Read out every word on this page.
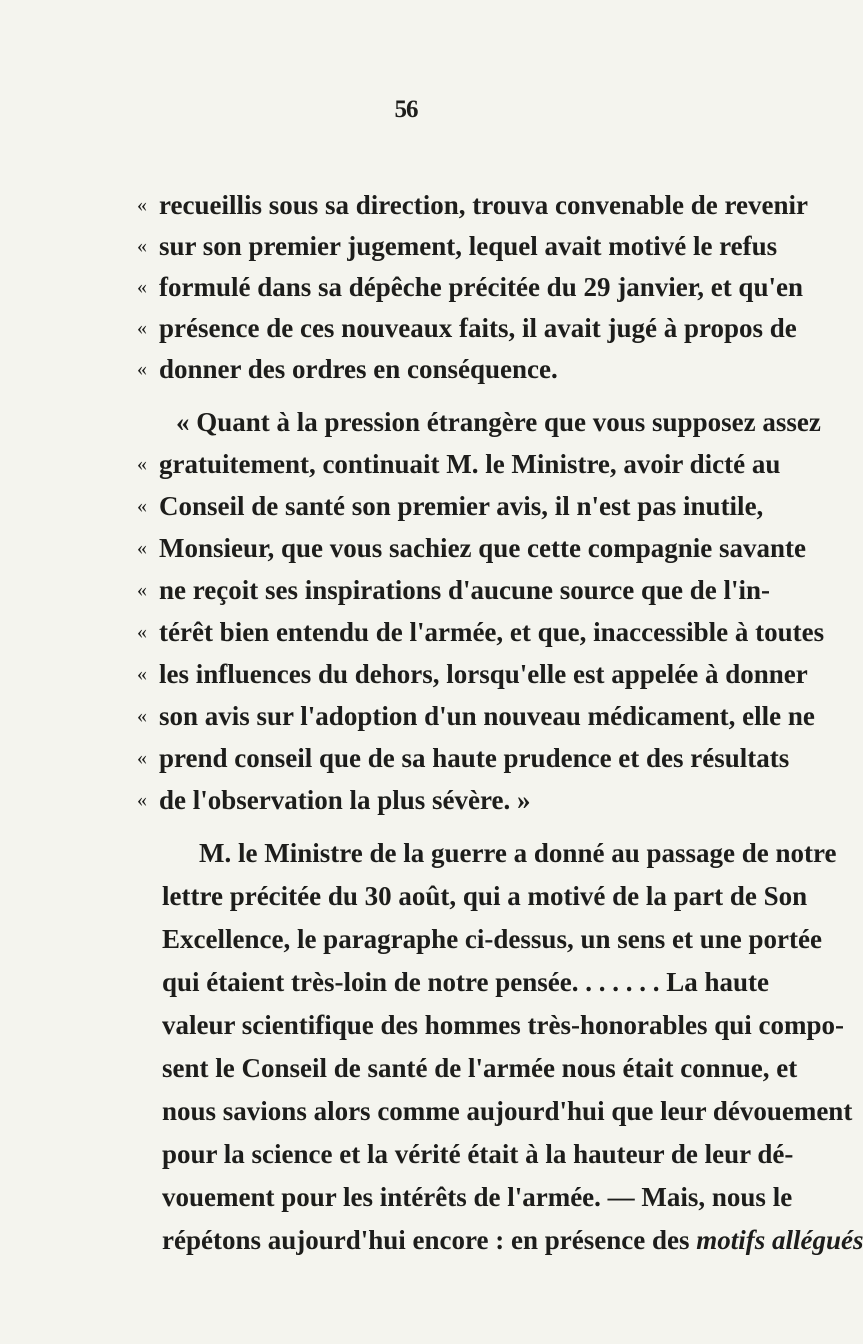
56
« recueillis sous sa direction, trouva convenable de revenir
« sur son premier jugement, lequel avait motivé le refus
« formulé dans sa dépêche précitée du 29 janvier, et qu'en
« présence de ces nouveaux faits, il avait jugé à propos de
« donner des ordres en conséquence.
« Quant à la pression étrangère que vous supposez assez
« gratuitement, continuait M. le Ministre, avoir dicté au
« Conseil de santé son premier avis, il n'est pas inutile,
« Monsieur, que vous sachiez que cette compagnie savante
« ne reçoit ses inspirations d'aucune source que de l'in-
« térêt bien entendu de l'armée, et que, inaccessible à toutes
« les influences du dehors, lorsqu'elle est appelée à donner
« son avis sur l'adoption d'un nouveau médicament, elle ne
« prend conseil que de sa haute prudence et des résultats
« de l'observation la plus sévère. »
M. le Ministre de la guerre a donné au passage de notre
lettre précitée du 30 août, qui a motivé de la part de Son
Excellence, le paragraphe ci-dessus, un sens et une portée
qui étaient très-loin de notre pensée. . . . . . . La haute
valeur scientifique des hommes très-honorables qui compo-
sent le Conseil de santé de l'armée nous était connue, et
nous savions alors comme aujourd'hui que leur dévouement
pour la science et la vérité était à la hauteur de leur dé-
vouement pour les intérêts de l'armée. — Mais, nous le
répétons aujourd'hui encore : en présence des motifs allégués
